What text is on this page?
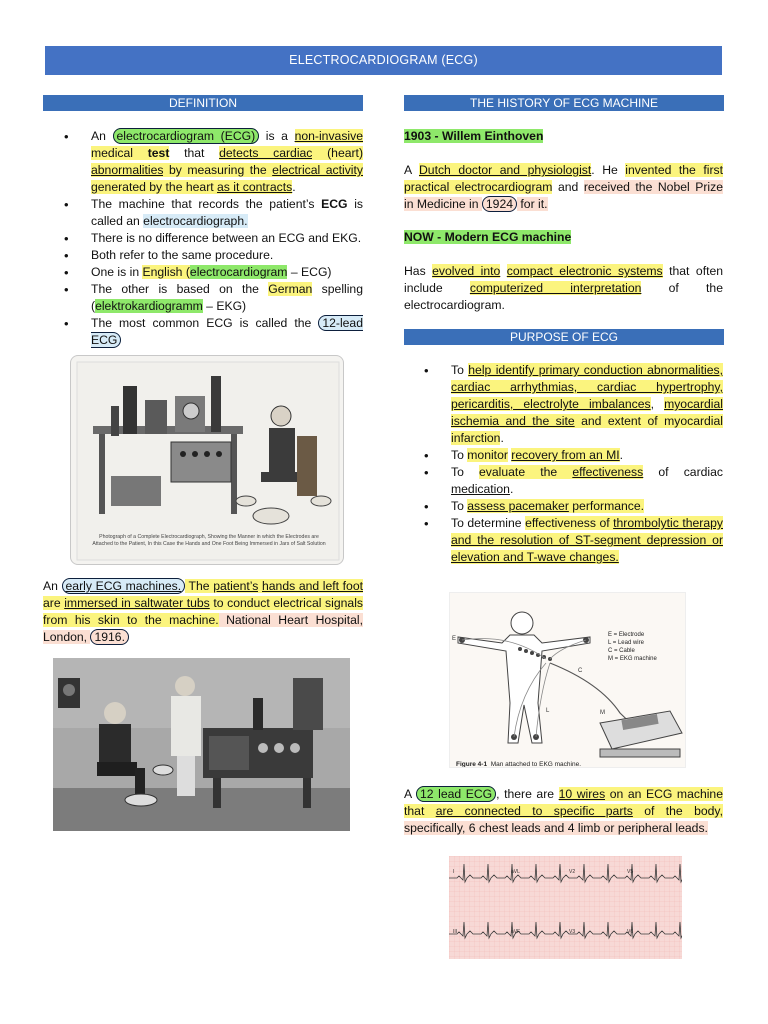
ELECTROCARDIOGRAM (ECG)
DEFINITION
• An electrocardiogram (ECG) is a non-invasive medical test that detects cardiac (heart) abnormalities by measuring the electrical activity generated by the heart as it contracts.
• The machine that records the patient’s ECG is called an electrocardiograph.
• There is no difference between an ECG and EKG.
• Both refer to the same procedure.
• One is in English (electrocardiogram – ECG)
• The other is based on the German spelling (elektrokardiogramm – EKG)
• The most common ECG is called the 12-lead ECG
Photograph of a Complete Electrocardiograph, Showing the Manner in which the Electrodes are Attached to the Patient, In this Case the Hands and One Foot Being Immersed in Jars of Salt Solution

An early ECG machines. The patient’s hands and left foot are immersed in saltwater tubs to conduct electrical signals from his skin to the machine. National Heart Hospital, London, 1916.

THE HISTORY OF ECG MACHINE
1903 - Willem Einthoven

A Dutch doctor and physiologist. He invented the first practical electrocardiogram and received the Nobel Prize in Medicine in 1924 for it.

NOW - Modern ECG machine

Has evolved into compact electronic systems that often include computerized interpretation of the electrocardiogram.

PURPOSE OF ECG
• To help identify primary conduction abnormalities, cardiac arrhythmias, cardiac hypertrophy, pericarditis, electrolyte imbalances, myocardial ischemia and the site and extent of myocardial infarction.
• To monitor recovery from an MI.
• To evaluate the effectiveness of cardiac medication.
• To assess pacemaker performance.
• To determine effectiveness of thrombolytic therapy and the resolution of ST-segment depression or elevation and T-wave changes.
E = Electrode
L = Lead wire
C = Cable
M = EKG machine
E
L
C
M
Figure 4-1 Man attached to EKG machine.

A 12 lead ECG , there are 10 wires on an ECG machine that are connected to specific parts of the body, specifically, 6 chest leads and 4 limb or peripheral leads.

I	aVL	V2	V5
III	aVF	V3	V6
